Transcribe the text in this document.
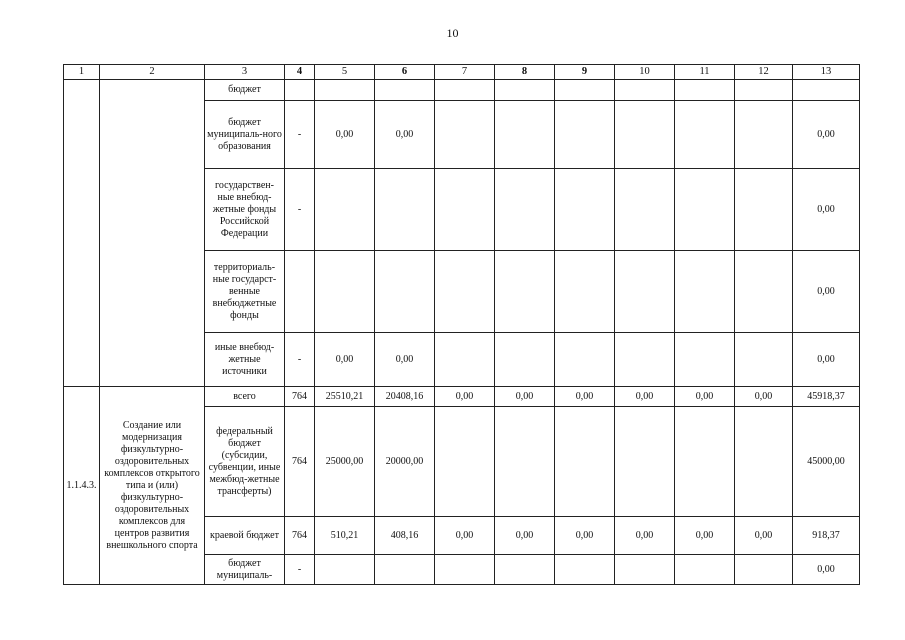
10
1	2	3	4	5	6	7	8	9	10	11	12	13
		бюджет										
		бюджет муниципаль-ного образования	-	0,00	0,00							0,00
		государствен-ные внебюд-жетные фонды Российской Федерации	-									0,00
		территориаль-ные государст-венные внебюджетные фонды										0,00
		иные внебюд-жетные источники	-	0,00	0,00							0,00
1.1.4.3.	Создание или модернизация физкультурно-оздоровительных комплексов открытого типа и (или) физкультурно-оздоровительных комплексов для центров развития внешкольного спорта	всего	764	25510,21	20408,16	0,00	0,00	0,00	0,00	0,00	0,00	45918,37
		федеральный бюджет (субсидии, субвенции, иные межбюд-жетные трансферты)	764	25000,00	20000,00							45000,00
		краевой бюджет	764	510,21	408,16	0,00	0,00	0,00	0,00	0,00	0,00	918,37
		бюджет муниципаль-	-									0,00
